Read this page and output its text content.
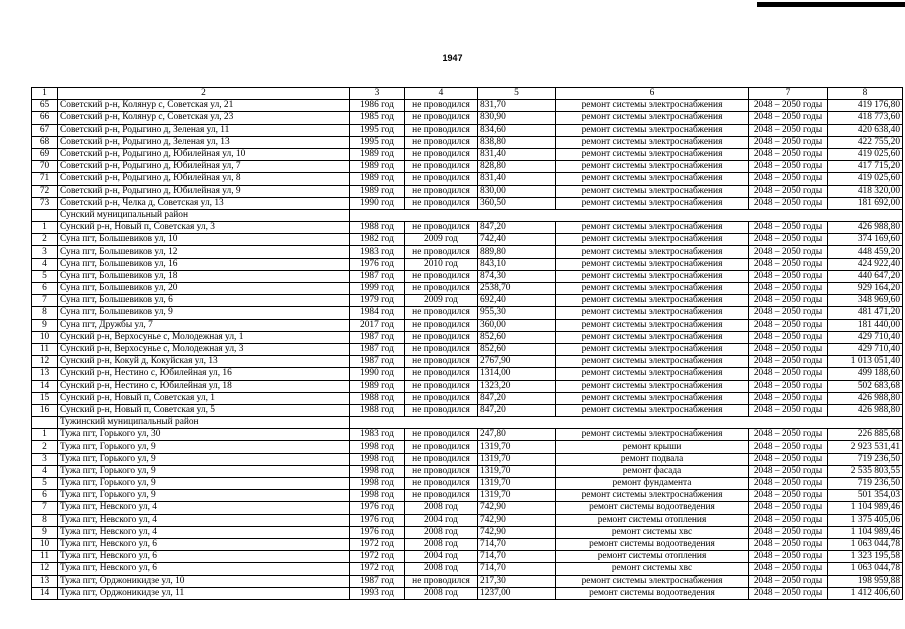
1947
1	2	3	4	5	6	7	8
65	Советский р-н, Колянур с, Советская ул, 21	1986 год	не проводился	831,70	ремонт системы электроснабжения	2048 – 2050 годы	419 176,80
66	Советский р-н, Колянур с, Советская ул, 23	1985 год	не проводился	830,90	ремонт системы электроснабжения	2048 – 2050 годы	418 773,60
67	Советский р-н, Родыгино д, Зеленая ул, 11	1995 год	не проводился	834,60	ремонт системы электроснабжения	2048 – 2050 годы	420 638,40
68	Советский р-н, Родыгино д, Зеленая ул, 13	1995 год	не проводился	838,80	ремонт системы электроснабжения	2048 – 2050 годы	422 755,20
69	Советский р-н, Родыгино д, Юбилейная ул, 10	1989 год	не проводился	831,40	ремонт системы электроснабжения	2048 – 2050 годы	419 025,60
70	Советский р-н, Родыгино д, Юбилейная ул, 7	1989 год	не проводился	828,80	ремонт системы электроснабжения	2048 – 2050 годы	417 715,20
71	Советский р-н, Родыгино д, Юбилейная ул, 8	1989 год	не проводился	831,40	ремонт системы электроснабжения	2048 – 2050 годы	419 025,60
72	Советский р-н, Родыгино д, Юбилейная ул, 9	1989 год	не проводился	830,00	ремонт системы электроснабжения	2048 – 2050 годы	418 320,00
73	Советский р-н, Челка д, Советская ул, 13	1990 год	не проводился	360,50	ремонт системы электроснабжения	2048 – 2050 годы	181 692,00
	Сунский муниципальный район						
1	Сунский р-н, Новый п, Советская ул, 3	1988 год	не проводился	847,20	ремонт системы электроснабжения	2048 – 2050 годы	426 988,80
2	Суна пгт, Большевиков ул, 10	1982 год	2009 год	742,40	ремонт системы электроснабжения	2048 – 2050 годы	374 169,60
3	Суна пгт, Большевиков ул, 12	1983 год	не проводился	889,80	ремонт системы электроснабжения	2048 – 2050 годы	448 459,20
4	Суна пгт, Большевиков ул, 16	1976 год	2010 год	843,10	ремонт системы электроснабжения	2048 – 2050 годы	424 922,40
5	Суна пгт, Большевиков ул, 18	1987 год	не проводился	874,30	ремонт системы электроснабжения	2048 – 2050 годы	440 647,20
6	Суна пгт, Большевиков ул, 20	1999 год	не проводился	2538,70	ремонт системы электроснабжения	2048 – 2050 годы	929 164,20
7	Суна пгт, Большевиков ул, 6	1979 год	2009 год	692,40	ремонт системы электроснабжения	2048 – 2050 годы	348 969,60
8	Суна пгт, Большевиков ул, 9	1984 год	не проводился	955,30	ремонт системы электроснабжения	2048 – 2050 годы	481 471,20
9	Суна пгт, Дружбы ул, 7	2017 год	не проводился	360,00	ремонт системы электроснабжения	2048 – 2050 годы	181 440,00
10	Сунский р-н, Верхосунье с, Молодежная ул, 1	1987 год	не проводился	852,60	ремонт системы электроснабжения	2048 – 2050 годы	429 710,40
11	Сунский р-н, Верхосунье с, Молодежная ул, 3	1987 год	не проводился	852,60	ремонт системы электроснабжения	2048 – 2050 годы	429 710,40
12	Сунский р-н, Кокуй д, Кокуйская ул, 13	1987 год	не проводился	2767,90	ремонт системы электроснабжения	2048 – 2050 годы	1 013 051,40
13	Сунский р-н, Нестино с, Юбилейная ул, 16	1990 год	не проводился	1314,00	ремонт системы электроснабжения	2048 – 2050 годы	499 188,60
14	Сунский р-н, Нестино с, Юбилейная ул, 18	1989 год	не проводился	1323,20	ремонт системы электроснабжения	2048 – 2050 годы	502 683,68
15	Сунский р-н, Новый п, Советская ул, 1	1988 год	не проводился	847,20	ремонт системы электроснабжения	2048 – 2050 годы	426 988,80
16	Сунский р-н, Новый п, Советская ул, 5	1988 год	не проводился	847,20	ремонт системы электроснабжения	2048 – 2050 годы	426 988,80
	Тужинский муниципальный район						
1	Тужа пгт, Горького ул, 30	1983 год	не проводился	247,80	ремонт системы электроснабжения	2048 – 2050 годы	226 885,68
2	Тужа пгт, Горького ул, 9	1998 год	не проводился	1319,70	ремонт крыши	2048 – 2050 годы	2 923 531,41
3	Тужа пгт, Горького ул, 9	1998 год	не проводился	1319,70	ремонт подвала	2048 – 2050 годы	719 236,50
4	Тужа пгт, Горького ул, 9	1998 год	не проводился	1319,70	ремонт фасада	2048 – 2050 годы	2 535 803,55
5	Тужа пгт, Горького ул, 9	1998 год	не проводился	1319,70	ремонт фундамента	2048 – 2050 годы	719 236,50
6	Тужа пгт, Горького ул, 9	1998 год	не проводился	1319,70	ремонт системы электроснабжения	2048 – 2050 годы	501 354,03
7	Тужа пгт, Невского ул, 4	1976 год	2008 год	742,90	ремонт системы водоотведения	2048 – 2050 годы	1 104 989,46
8	Тужа пгт, Невского ул, 4	1976 год	2004 год	742,90	ремонт системы отопления	2048 – 2050 годы	1 375 405,06
9	Тужа пгт, Невского ул, 4	1976 год	2008 год	742,90	ремонт системы хвс	2048 – 2050 годы	1 104 989,46
10	Тужа пгт, Невского ул, 6	1972 год	2008 год	714,70	ремонт системы водоотведения	2048 – 2050 годы	1 063 044,78
11	Тужа пгт, Невского ул, 6	1972 год	2004 год	714,70	ремонт системы отопления	2048 – 2050 годы	1 323 195,58
12	Тужа пгт, Невского ул, 6	1972 год	2008 год	714,70	ремонт системы хвс	2048 – 2050 годы	1 063 044,78
13	Тужа пгт, Орджоникидзе ул, 10	1987 год	не проводился	217,30	ремонт системы электроснабжения	2048 – 2050 годы	198 959,88
14	Тужа пгт, Орджоникидзе ул, 11	1993 год	2008 год	1237,00	ремонт системы водоотведения	2048 – 2050 годы	1 412 406,60
